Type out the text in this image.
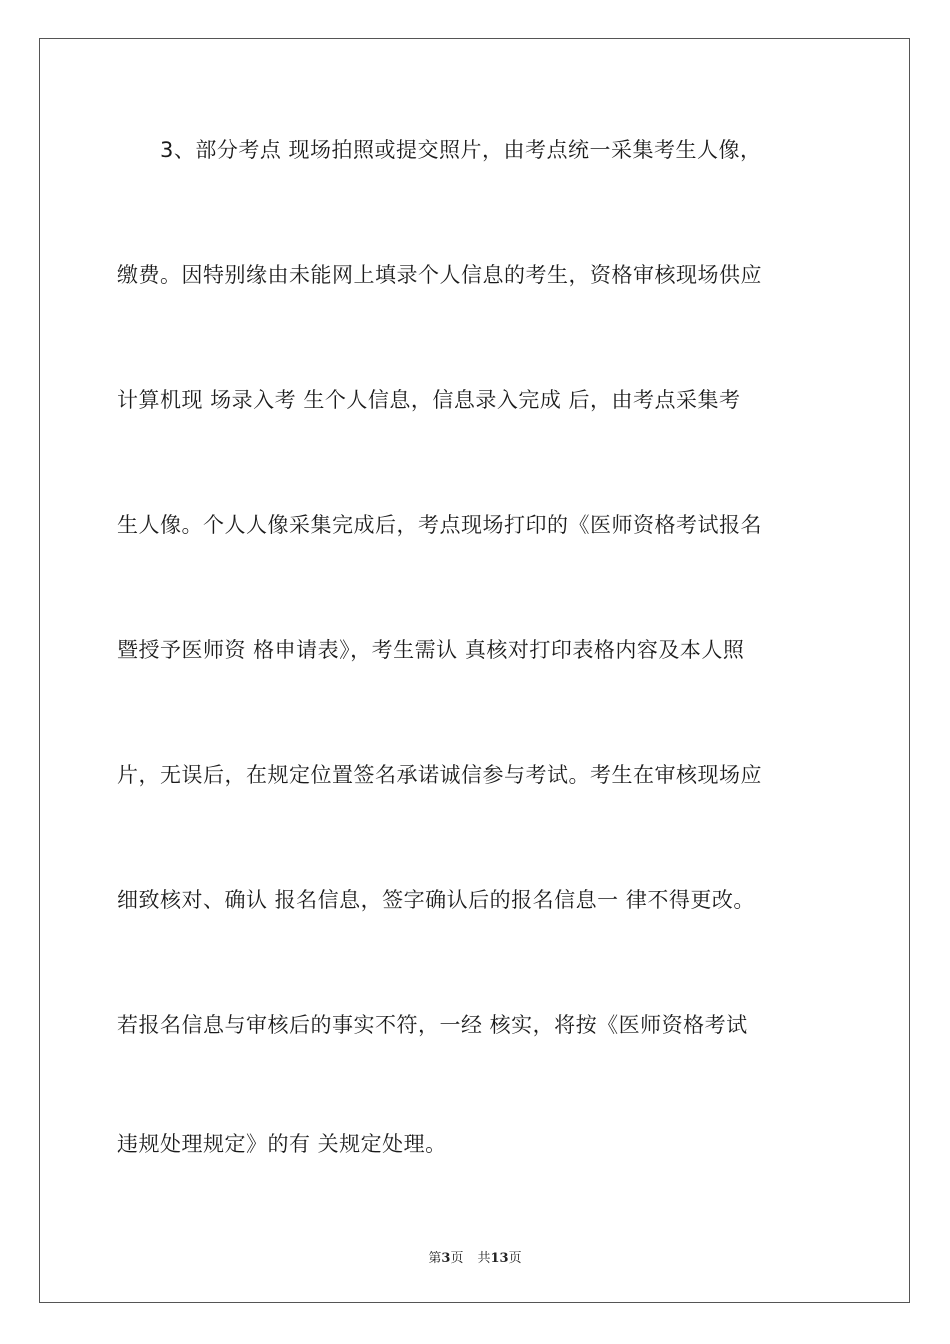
3、部分考点 现场拍照或提交照片，由考点统一采集考生人像，
缴费。因特别缘由未能网上填录个人信息的考生，资格审核现场供应
计算机现 场录入考 生个人信息，信息录入完成 后，由考点采集考
生人像。个人人像采集完成后，考点现场打印的《医师资格考试报名
暨授予医师资 格申请表》，考生需认 真核对打印表格内容及本人照
片，无误后，在规定位置签名承诺诚信参与考试。考生在审核现场应
细致核对、确认 报名信息，签字确认后的报名信息一 律不得更改。
若报名信息与审核后的事实不符，一经 核实，将按《医师资格考试
违规处理规定》的有 关规定处理。
第3页 共13页
